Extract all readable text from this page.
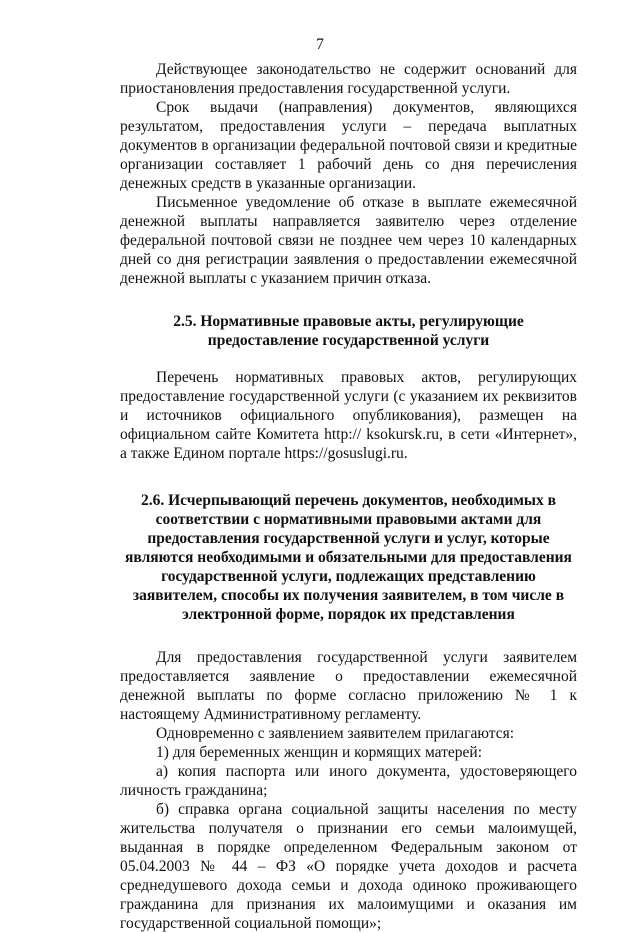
7

Действующее законодательство не содержит оснований для приостановления предоставления государственной услуги.

Срок выдачи (направления) документов, являющихся результатом, предоставления услуги – передача выплатных документов в организации федеральной почтовой связи и кредитные организации составляет 1 рабочий день со дня перечисления денежных средств в указанные организации.

Письменное уведомление об отказе в выплате ежемесячной денежной выплаты направляется заявителю через отделение федеральной почтовой связи не позднее чем через 10 календарных дней со дня регистрации заявления о предоставлении ежемесячной денежной выплаты с указанием причин отказа.

2.5. Нормативные правовые акты, регулирующие предоставление государственной услуги

Перечень нормативных правовых актов, регулирующих предоставление государственной услуги (с указанием их реквизитов и источников официального опубликования), размещен на официальном сайте Комитета http:// ksokursk.ru, в сети «Интернет», а также Едином портале https://gosuslugi.ru.

2.6. Исчерпывающий перечень документов, необходимых в соответствии с нормативными правовыми актами для предоставления государственной услуги и услуг, которые являются необходимыми и обязательными для предоставления государственной услуги, подлежащих представлению заявителем, способы их получения заявителем, в том числе в электронной форме, порядок их представления

Для предоставления государственной услуги заявителем предоставляется заявление о предоставлении ежемесячной денежной выплаты по форме согласно приложению № 1 к настоящему Административному регламенту.

Одновременно с заявлением заявителем прилагаются:

1) для беременных женщин и кормящих матерей:

а) копия паспорта или иного документа, удостоверяющего личность гражданина;

б) справка органа социальной защиты населения по месту жительства получателя о признании его семьи малоимущей, выданная в порядке определенном Федеральным законом от 05.04.2003 № 44 – ФЗ «О порядке учета доходов и расчета среднедушевого дохода семьи и дохода одиноко проживающего гражданина для признания их малоимущими и оказания им государственной социальной помощи»;
